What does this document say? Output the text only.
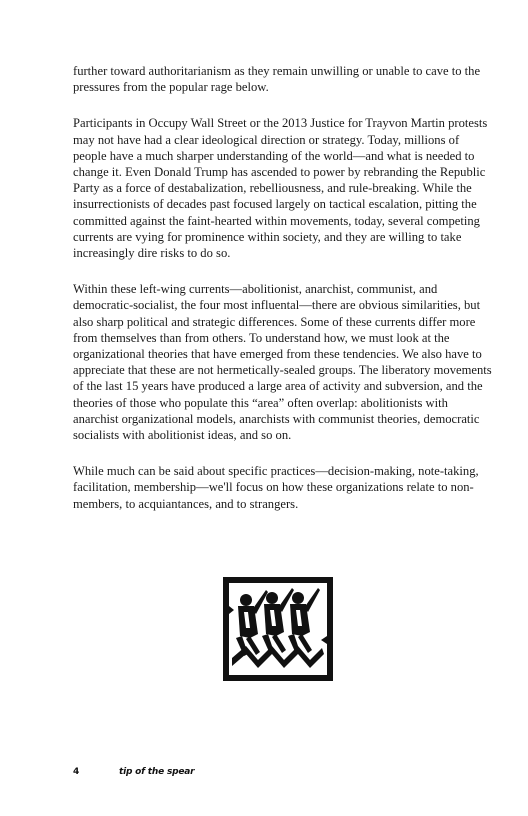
further toward authoritarianism as they remain unwilling or unable to cave to the pressures from the popular rage below.

Participants in Occupy Wall Street or the 2013 Justice for Trayvon Martin protests may not have had a clear ideological direction or strategy. Today, millions of people have a much sharper understanding of the world—and what is needed to change it. Even Donald Trump has ascended to power by rebranding the Republic Party as a force of destabalization, rebelliousness, and rule-breaking. While the insurrectionists of decades past focused largely on tactical escalation, pitting the committed against the faint-hearted within movements, today, several competing currents are vying for prominence within society, and they are willing to take increasingly dire risks to do so.

Within these left-wing currents—abolitionist, anarchist, communist, and democratic-socialist, the four most influental—there are obvious similarities, but also sharp political and strategic differences. Some of these currents differ more from themselves than from others. To understand how, we must look at the organizational theories that have emerged from these tendencies. We also have to appreciate that these are not hermetically-sealed groups. The liberatory movements of the last 15 years have produced a large area of activity and subversion, and the theories of those who populate this “area” often overlap: abolitionists with anarchist organizational models, anarchists with communist theories, democratic socialists with abolitionist ideas, and so on.

While much can be said about specific practices—decision-making, note-taking, facilitation, membership—we'll focus on how these organizations relate to non-members, to acquiantances, and to strangers.

4	tip of the spear
